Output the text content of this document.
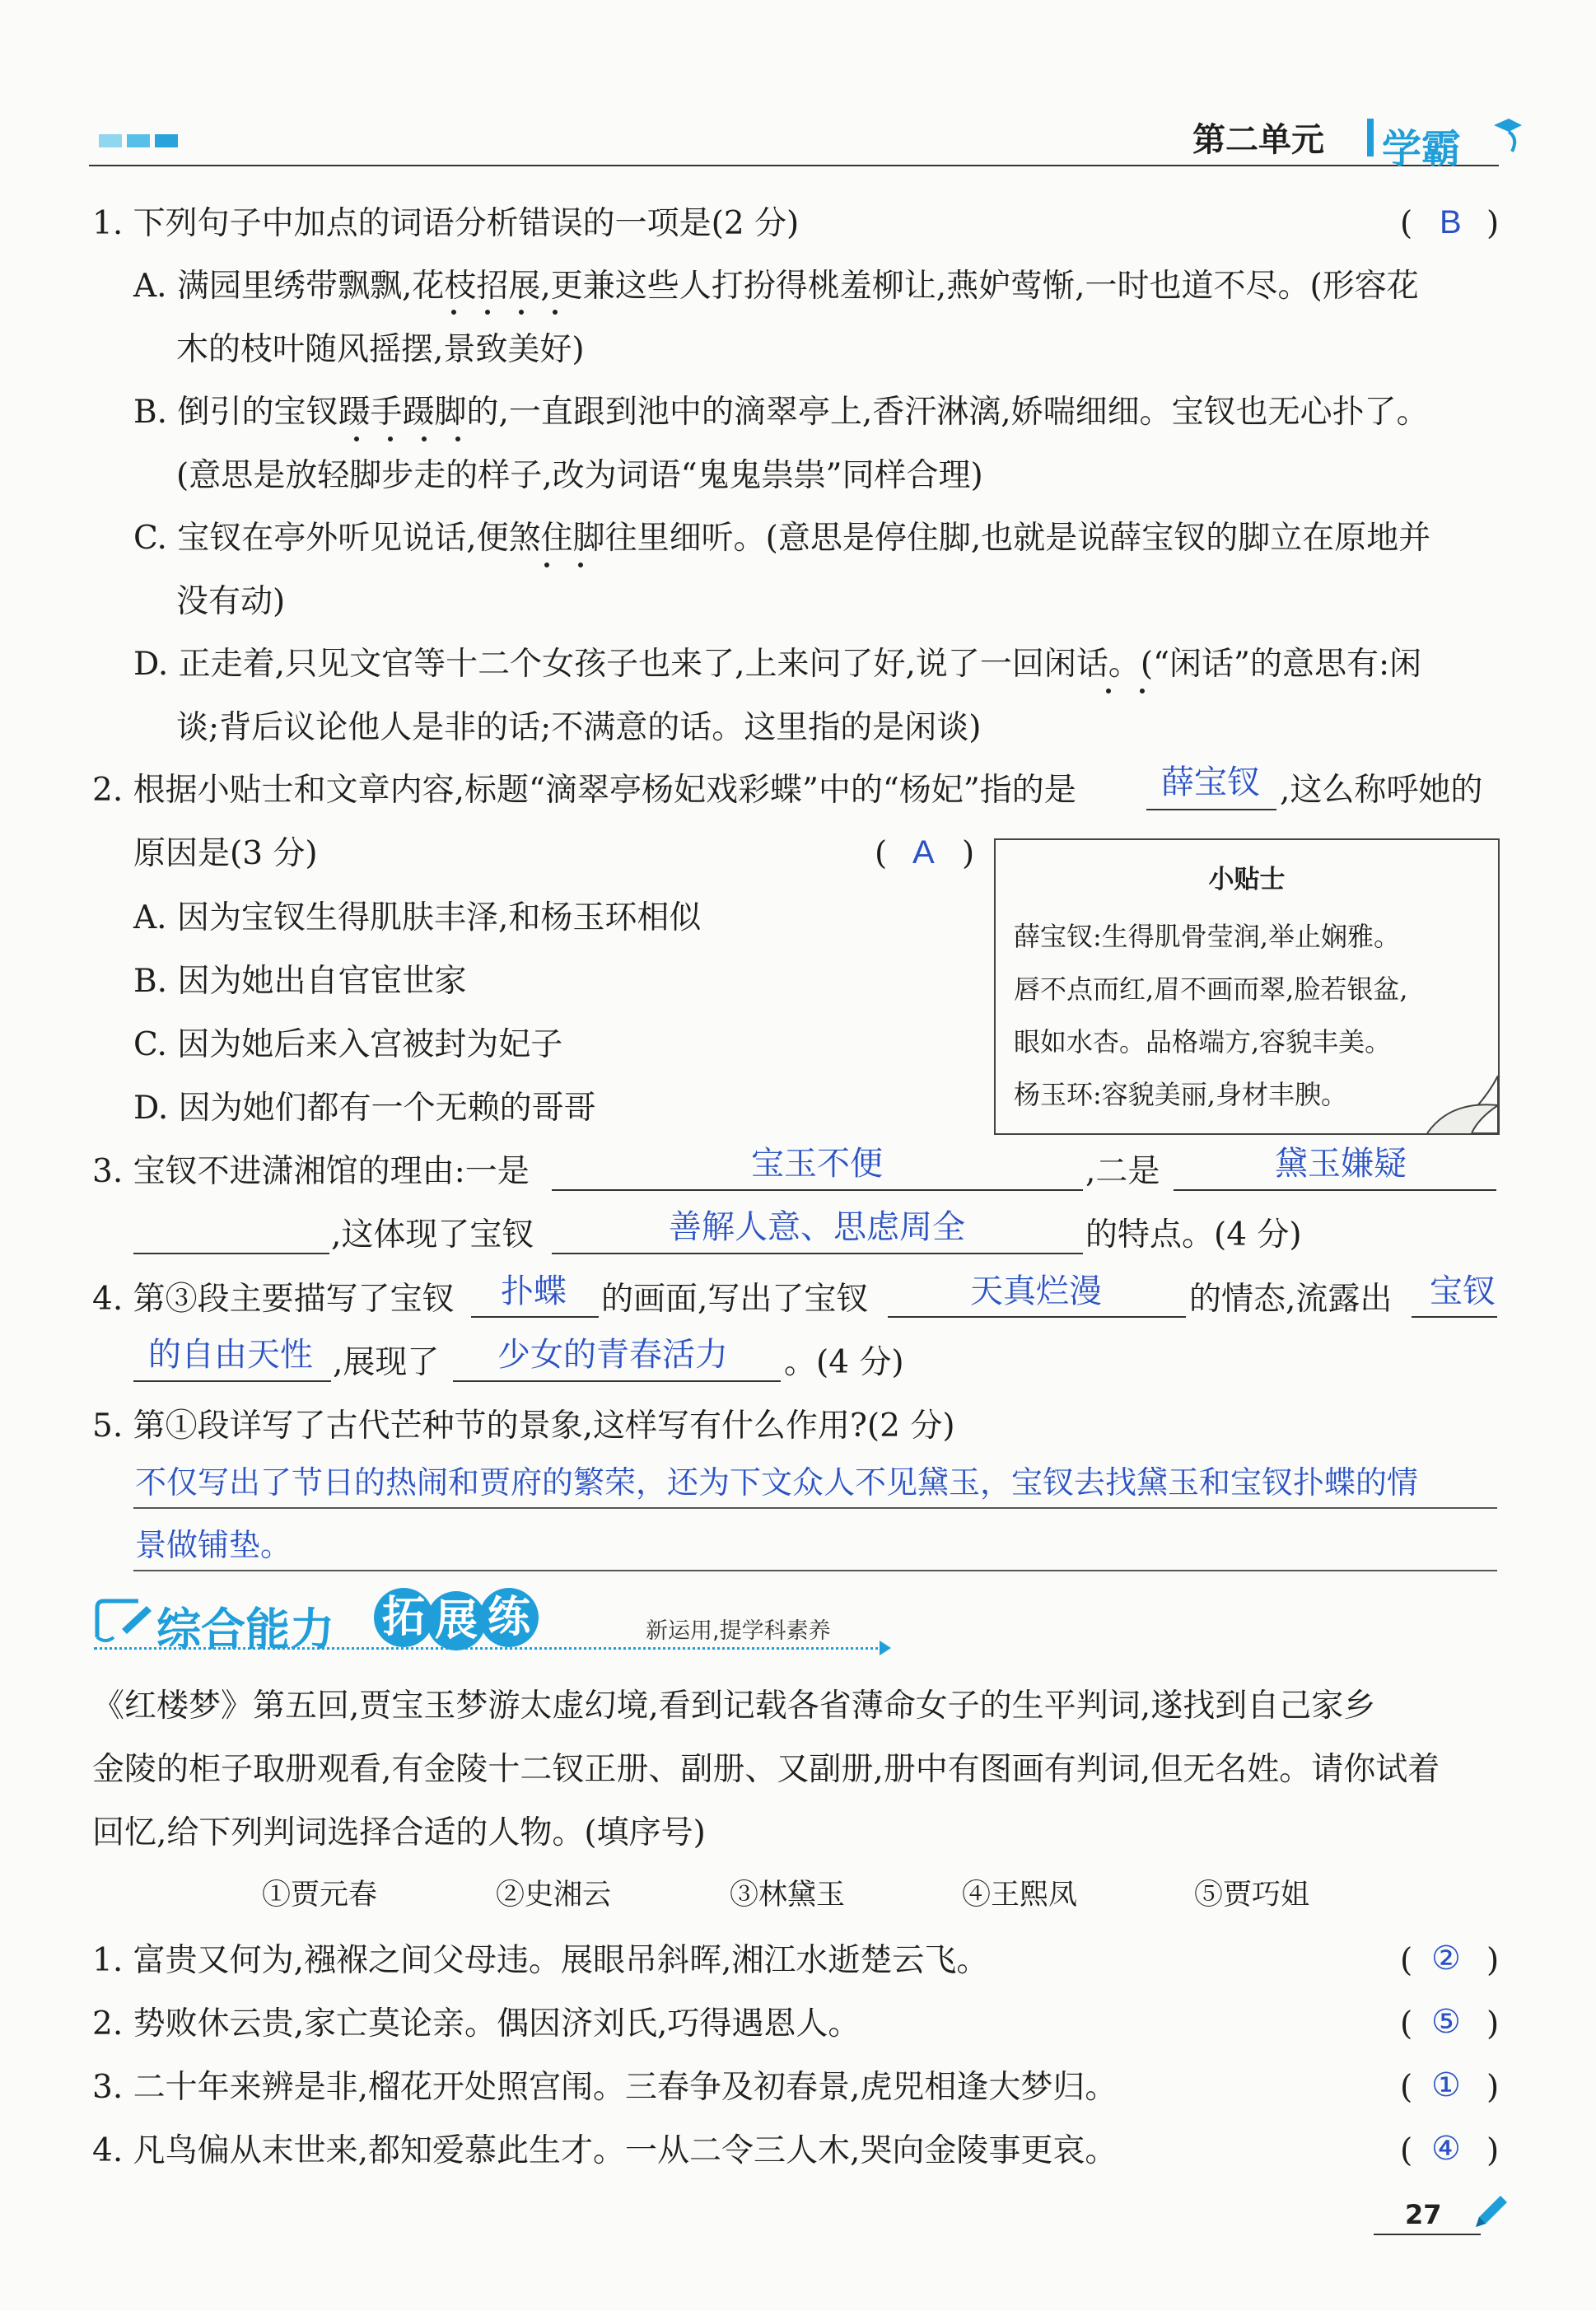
第二单元 学霸
1. 下列句子中加点的词语分析错误的一项是(2 分)	( B )
A. 满园里绣带飘飘,花枝招展,更兼这些人打扮得桃羞柳让,燕妒莺惭,一时也道不尽。(形容花
木的枝叶随风摇摆,景致美好)
B. 倒引的宝钗蹑手蹑脚的,一直跟到池中的滴翠亭上,香汗淋漓,娇喘细细。宝钗也无心扑了。
(意思是放轻脚步走的样子,改为词语“鬼鬼祟祟”同样合理)
C. 宝钗在亭外听见说话,便煞住脚往里细听。(意思是停住脚,也就是说薛宝钗的脚立在原地并
没有动)
D. 正走着,只见文官等十二个女孩子也来了,上来问了好,说了一回闲话。(“闲话”的意思有:闲
谈;背后议论他人是非的话;不满意的话。这里指的是闲谈)
2. 根据小贴士和文章内容,标题“滴翠亭杨妃戏彩蝶”中的“杨妃”指的是	薛宝钗 ,这么称呼她的
原因是(3 分)	( A )
A. 因为宝钗生得肌肤丰泽,和杨玉环相似
B. 因为她出自官宦世家
C. 因为她后来入宫被封为妃子
D. 因为她们都有一个无赖的哥哥
小贴士
薛宝钗:生得肌骨莹润,举止娴雅。
唇不点而红,眉不画而翠,脸若银盆,
眼如水杏。品格端方,容貌丰美。
杨玉环:容貌美丽,身材丰腴。
3. 宝钗不进潇湘馆的理由:一是	宝玉不便	,二是	黛玉嫌疑
,这体现了宝钗	善解人意、思虑周全	的特点。(4 分)
4. 第③段主要描写了宝钗 扑蝶 的画面,写出了宝钗	天真烂漫	的情态,流露出 宝钗
的自由天性 ,展现了 少女的青春活力 。(4 分)
5. 第①段详写了古代芒种节的景象,这样写有什么作用?(2 分)
不仅写出了节日的热闹和贾府的繁荣，还为下文众人不见黛玉，宝钗去找黛玉和宝钗扑蝶的情
景做铺垫。
综合能力 拓 展 练	新运用,提学科素养
《红楼梦》第五回,贾宝玉梦游太虚幻境,看到记载各省薄命女子的生平判词,遂找到自己家乡
金陵的柜子取册观看,有金陵十二钗正册、副册、又副册,册中有图画有判词,但无名姓。请你试着
回忆,给下列判词选择合适的人物。(填序号)
①贾元春	②史湘云	③林黛玉	④王熙凤	⑤贾巧姐
1. 富贵又何为,襁褓之间父母违。展眼吊斜晖,湘江水逝楚云飞。	( ② )
2. 势败休云贵,家亡莫论亲。偶因济刘氏,巧得遇恩人。	( ⑤ )
3. 二十年来辨是非,榴花开处照宫闱。三春争及初春景,虎兕相逢大梦归。	( ① )
4. 凡鸟偏从末世来,都知爱慕此生才。一从二令三人木,哭向金陵事更哀。	( ④ )
27
